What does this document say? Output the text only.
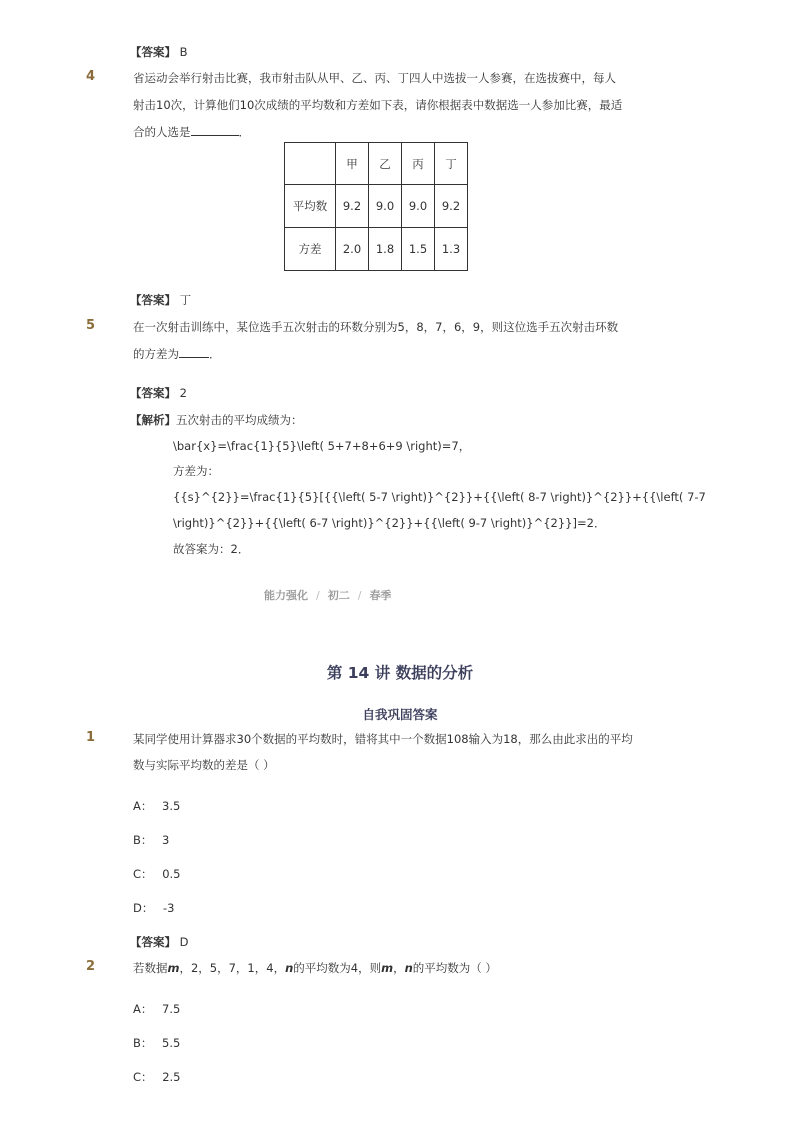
【答案】 B
4	省运动会举行射击比赛，我市射击队从甲、乙、丙、丁四人中选拔一人参赛，在选拔赛中，每人
射击10次，计算他们10次成绩的平均数和方差如下表，请你根据表中数据选一人参加比赛，最适
合的人选是	．
	甲	乙	丙	丁
平均数	9.2	9.0	9.0	9.2
方差	2.0	1.8	1.5	1.3
【答案】 丁
5	在一次射击训练中，某位选手五次射击的环数分别为5，8，7，6，9，则这位选手五次射击环数
的方差为	．
【答案】 2
【解析】五次射击的平均成绩为：
\bar{x}=\frac{1}{5}\left( 5+7+8+6+9 \right)=7，
方差为：
{{s}^{2}}=\frac{1}{5}[{{\left( 5-7 \right)}^{2}}+{{\left( 8-7 \right)}^{2}}+{{\left( 7-7
\right)}^{2}}+{{\left( 6-7 \right)}^{2}}+{{\left( 9-7 \right)}^{2}}]=2．
故答案为：2．
能力强化 / 初二 / 春季
第 14 讲 数据的分析
自我巩固答案
1	某同学使用计算器求30个数据的平均数时，错将其中一个数据108输入为18，那么由此求出的平均
数与实际平均数的差是（ ）
A： 3.5
B： 3
C： 0.5
D： -3
【答案】 D
2	若数据m，2，5，7，1，4，n的平均数为4，则m，n的平均数为（ ）
A： 7.5
B： 5.5
C： 2.5
